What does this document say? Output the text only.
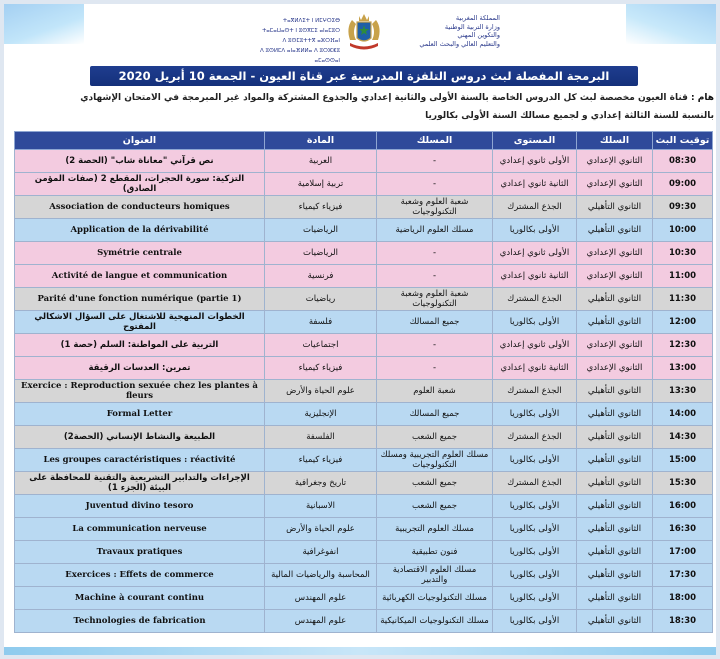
ⵜⴰⴳⵍⴷⵉⵜ ⵏ ⵍⵎⵖⵔⵉⴱ
ⵜⴰⵎⴰⵡⴰⵙⵜ ⵏ ⵓⵙⴳⵎⵉ ⴰⵏⴰⵎⵓⵔ
ⴷ ⵓⵙⵎⵓⵜⵜⴳ ⴰⵣⵔⴼⴰⵏ
ⴷ ⵓⵙⵍⵎⴷ ⴰⵏⴰⴼⵍⵍⴰ ⴷ ⵓⵔⵣⵣⵓ ⴰⵎⴰⵙⵙⴰⵏ
المملكة المغربية
وزارة التربية الوطنية
والتكوين المهني
والتعليم العالي والبحث العلمي
البرمجة المفصلة لبث دروس التلفزة المدرسية عبر قناة العيون - الجمعة 10 أبريل 2020
هام : قناة العيون مخصصة لبث كل الدروس الخاصة بالسنة الأولى والثانية إعدادي والجذوع المشتركة والمواد غير المبرمجة في الامتحان الإشهادي
بالنسبة للسنة الثالثة إعدادي و لجميع مسالك السنة الأولى بكالوريا
توقيت البث	السلك	المستوى	المسلك	المادة	العنوان
08:30	الثانوي الإعدادي	الأولى ثانوي إعدادي	-	العربية	نص قرآني "معاناة شاب" (الحصة 2)
09:00	الثانوي الإعدادي	الثانية ثانوي إعدادي	-	تربية إسلامية	التزكية: سورة الحجرات، المقطع 2 (صفات المؤمن الصادق)
09:30	الثانوي التأهيلي	الجذع المشترك	شعبة العلوم وشعبة التكنولوجيات	فيزياء كيمياء	Association de conducteurs homiques
10:00	الثانوي التأهيلي	الأولى بكالوريا	مسلك العلوم الرياضية	الرياضيات	Application de la dérivabilité
10:30	الثانوي الإعدادي	الأولى ثانوي إعدادي	-	الرياضيات	Symétrie centrale
11:00	الثانوي الإعدادي	الثانية ثانوي إعدادي	-	فرنسية	Activité de langue et communication
11:30	الثانوي التأهيلي	الجذع المشترك	شعبة العلوم وشعبة التكنولوجيات	رياضيات	Parité d'une fonction numérique (partie 1)
12:00	الثانوي التأهيلي	الأولى بكالوريا	جميع المسالك	فلسفة	الخطوات المنهجية للاشتغال على السؤال الاشكالي المفتوح
12:30	الثانوي الإعدادي	الأولى ثانوي إعدادي	-	اجتماعيات	التربية على المواطنة: السلم (حصة 1)
13:00	الثانوي الإعدادي	الثانية ثانوي إعدادي	-	فيزياء كيمياء	تمرين: العدسات الرقيقة
13:30	الثانوي التأهيلي	الجذع المشترك	شعبة العلوم	علوم الحياة والأرض	Exercice : Reproduction sexuée chez les plantes à fleurs
14:00	الثانوي التأهيلي	الأولى بكالوريا	جميع المسالك	الإنجليزية	Formal Letter
14:30	الثانوي التأهيلي	الجذع المشترك	جميع الشعب	الفلسفة	الطبيعة والنشاط الإنساني (الحصة2)
15:00	الثانوي التأهيلي	الأولى بكالوريا	مسلك العلوم التجريبية ومسلك التكنولوجيات	فيزياء كيمياء	Les groupes caractéristiques : réactivité
15:30	الثانوي التأهيلي	الجذع المشترك	جميع الشعب	تاريخ وجغرافية	الإجراءات والتدابير التشريعية والتقنية للمحافظة على البيئة (الجزء 1)
16:00	الثانوي التأهيلي	الأولى بكالوريا	جميع الشعب	الاسبانية	Juventud divino tesoro
16:30	الثانوي التأهيلي	الأولى بكالوريا	مسلك العلوم التجريبية	علوم الحياة والأرض	La communication nerveuse
17:00	الثانوي التأهيلي	الأولى بكالوريا	فنون تطبيقية	انفوغرافية	Travaux pratiques
17:30	الثانوي التأهيلي	الأولى بكالوريا	مسلك العلوم الاقتصادية والتدبير	المحاسبة والرياضيات المالية	Exercices : Effets de commerce
18:00	الثانوي التأهيلي	الأولى بكالوريا	مسلك التكنولوجيات الكهربائية	علوم المهندس	Machine à courant continu
18:30	الثانوي التأهيلي	الأولى بكالوريا	مسلك التكنولوجيات الميكانيكية	علوم المهندس	Technologies de fabrication
